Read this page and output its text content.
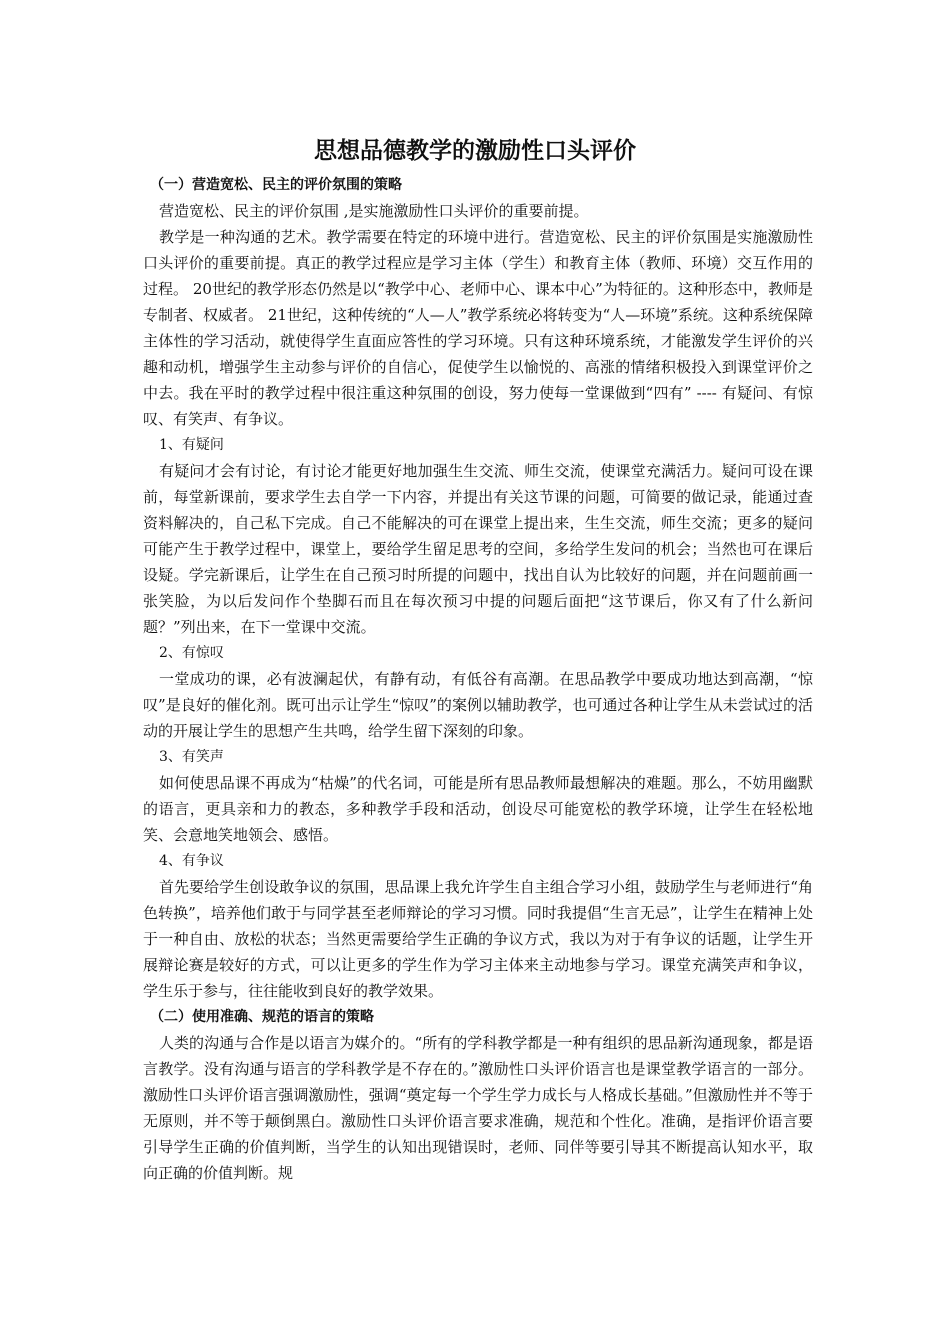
思想品德教学的激励性口头评价

（一）营造宽松、民主的评价氛围的策略

营造宽松、民主的评价氛围 ,是实施激励性口头评价的重要前提。

教学是一种沟通的艺术。教学需要在特定的环境中进行。营造宽松、民主的评价氛围是实施激励性口头评价的重要前提。真正的教学过程应是学习主体（学生）和教育主体（教师、环境）交互作用的过程。 20世纪的教学形态仍然是以“教学中心、老师中心、课本中心”为特征的。这种形态中，教师是专制者、权威者。 21世纪，这种传统的“人—人”教学系统必将转变为“人—环境”系统。这种系统保障主体性的学习活动，就使得学生直面应答性的学习环境。只有这种环境系统，才能激发学生评价的兴趣和动机，增强学生主动参与评价的自信心，促使学生以愉悦的、高涨的情绪积极投入到课堂评价之中去。我在平时的教学过程中很注重这种氛围的创设，努力使每一堂课做到“四有” ---- 有疑问、有惊叹、有笑声、有争议。

1、有疑问

有疑问才会有讨论，有讨论才能更好地加强生生交流、师生交流，使课堂充满活力。疑问可设在课前，每堂新课前，要求学生去自学一下内容，并提出有关这节课的问题，可简要的做记录，能通过查资料解决的，自己私下完成。自己不能解决的可在课堂上提出来，生生交流，师生交流；更多的疑问可能产生于教学过程中，课堂上，要给学生留足思考的空间，多给学生发问的机会；当然也可在课后设疑。学完新课后，让学生在自己预习时所提的问题中，找出自认为比较好的问题，并在问题前画一张笑脸，为以后发问作个垫脚石而且在每次预习中提的问题后面把“这节课后，你又有了什么新问题？”列出来，在下一堂课中交流。

2、有惊叹

一堂成功的课，必有波澜起伏，有静有动，有低谷有高潮。在思品教学中要成功地达到高潮，“惊叹”是良好的催化剂。既可出示让学生“惊叹”的案例以辅助教学，也可通过各种让学生从未尝试过的活动的开展让学生的思想产生共鸣，给学生留下深刻的印象。

3、有笑声

如何使思品课不再成为“枯燥”的代名词，可能是所有思品教师最想解决的难题。那么，不妨用幽默的语言，更具亲和力的教态，多种教学手段和活动，创设尽可能宽松的教学环境，让学生在轻松地笑、会意地笑地领会、感悟。

4、有争议

首先要给学生创设敢争议的氛围，思品课上我允许学生自主组合学习小组，鼓励学生与老师进行“角色转换”，培养他们敢于与同学甚至老师辩论的学习习惯。同时我提倡“生言无忌”，让学生在精神上处于一种自由、放松的状态；当然更需要给学生正确的争议方式，我以为对于有争议的话题，让学生开展辩论赛是较好的方式，可以让更多的学生作为学习主体来主动地参与学习。课堂充满笑声和争议，学生乐于参与，往往能收到良好的教学效果。

（二）使用准确、规范的语言的策略

人类的沟通与合作是以语言为媒介的。“所有的学科教学都是一种有组织的思品新沟通现象，都是语言教学。没有沟通与语言的学科教学是不存在的。”激励性口头评价语言也是课堂教学语言的一部分。激励性口头评价语言强调激励性，强调“奠定每一个学生学力成长与人格成长基础。”但激励性并不等于无原则，并不等于颠倒黑白。激励性口头评价语言要求准确，规范和个性化。准确，是指评价语言要引导学生正确的价值判断，当学生的认知出现错误时，老师、同伴等要引导其不断提高认知水平，取向正确的价值判断。规
